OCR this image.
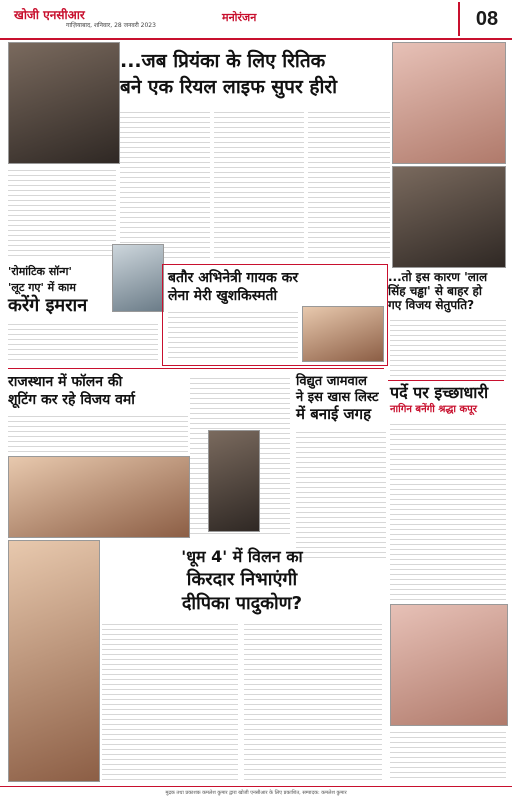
खोजी एनसीआर
गाज़ियाबाद, शनिवार, 28 जनवरी 2023
मनोरंजन	08
...जब प्रियंका के लिए रितिक
बने एक रियल लाइफ सुपर हीरो
...तो इस कारण 'लाल
सिंह चड्ढा' से बाहर हो
गए विजय सेतुपति?
'रोमांटिक सॉन्ग'
'लूट गए' में काम
करेंगे इमरान
बतौर अभिनेत्री गायक कर
लेना मेरी खुशकिस्मती
राजस्थान में फॉलन की
शूटिंग कर रहे विजय वर्मा
विद्युत जामवाल
ने इस खास लिस्ट
में बनाई जगह
पर्दे पर इच्छाधारी
नागिन बनेंगी श्रद्धा कपूर
'धूम 4' में विलन का
किरदार निभाएंगी
दीपिका पादुकोण?
मुद्रक तथा प्रकाशक कमलेश कुमार द्वारा खोजी एनसीआर के लिए प्रकाशित, सम्पादक: कमलेश कुमार
